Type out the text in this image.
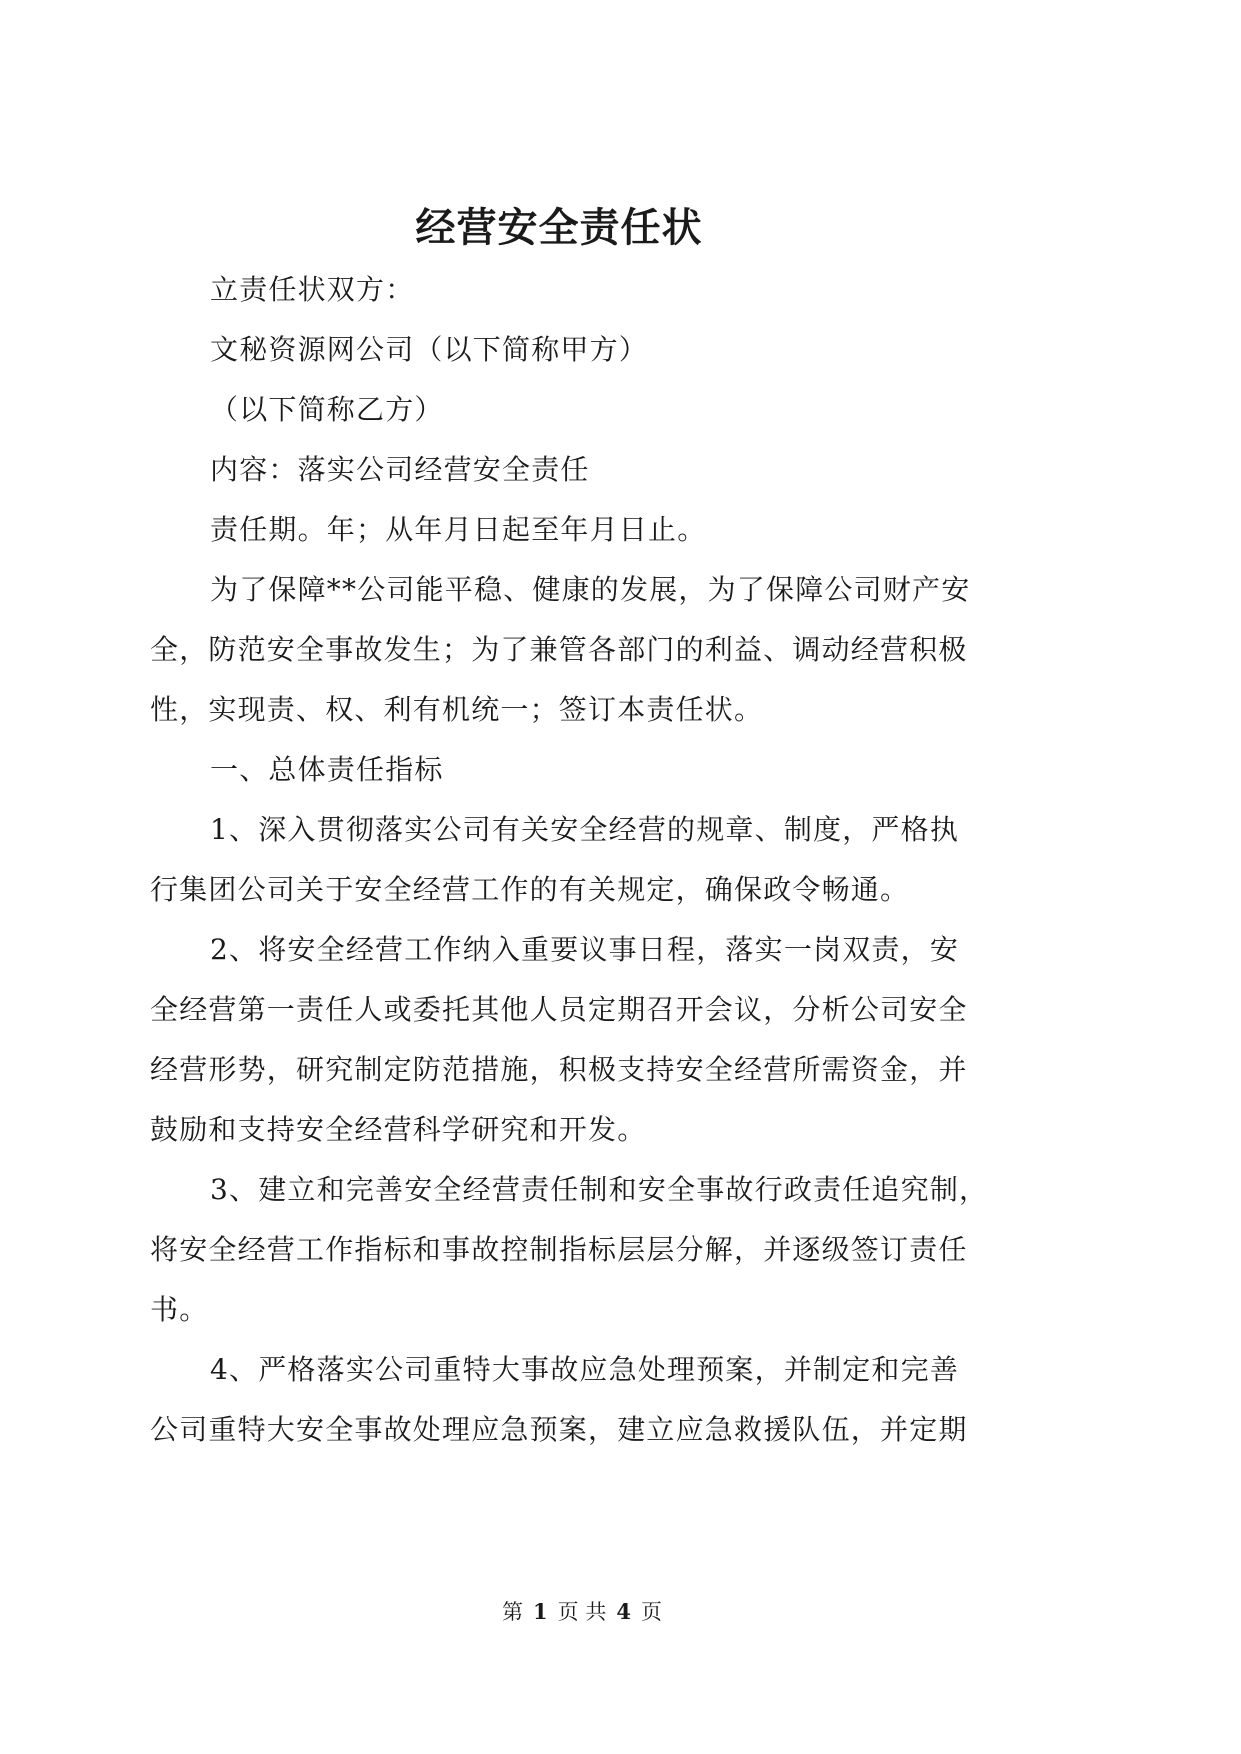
经营安全责任状
立责任状双方：
文秘资源网公司（以下简称甲方）
（以下简称乙方）
内容：落实公司经营安全责任
责任期。年；从年月日起至年月日止。
为了保障**公司能平稳、健康的发展，为了保障公司财产安
全，防范安全事故发生；为了兼管各部门的利益、调动经营积极
性，实现责、权、利有机统一；签订本责任状。
一、总体责任指标
1、深入贯彻落实公司有关安全经营的规章、制度，严格执
行集团公司关于安全经营工作的有关规定，确保政令畅通。
2、将安全经营工作纳入重要议事日程，落实一岗双责，安
全经营第一责任人或委托其他人员定期召开会议，分析公司安全
经营形势，研究制定防范措施，积极支持安全经营所需资金，并
鼓励和支持安全经营科学研究和开发。
3、建立和完善安全经营责任制和安全事故行政责任追究制，
将安全经营工作指标和事故控制指标层层分解，并逐级签订责任
书。
4、严格落实公司重特大事故应急处理预案，并制定和完善
公司重特大安全事故处理应急预案，建立应急救援队伍，并定期
第 1 页 共 4 页
